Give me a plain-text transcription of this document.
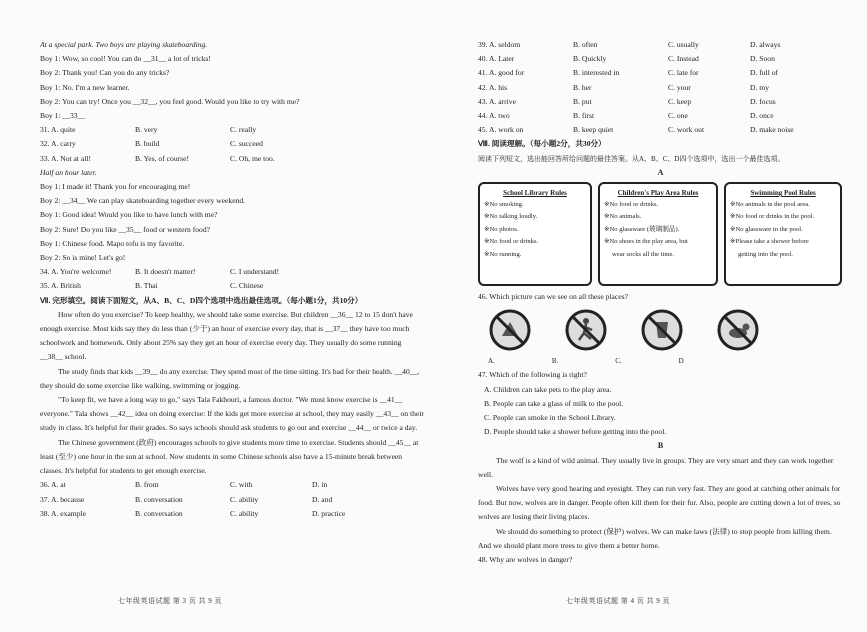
At a special park. Two boys are playing skateboarding.
Boy 1: Wow, so cool! You can do __31__ a lot of tricks!
Boy 2: Thank you! Can you do any tricks?
Boy 1: No. I'm a new learner.
Boy 2: You can try! Once you __32__, you feel good. Would you like to try with me?
Boy 1: __33__
31. A. quite	B. very	C. really
32. A. carry	B. build	C. succeed
33. A. Not at all!	B. Yes, of course!	C. Oh, me too.
Half an hour later.
Boy 1: I made it! Thank you for encouraging me!
Boy 2: __34__ We can play skateboarding together every weekend.
Boy 1: Good idea! Would you like to have lunch with me?
Boy 2: Sure! Do you like __35__ food or western food?
Boy 1: Chinese food. Mapo tofu is my favorite.
Boy 2: So is mine! Let's go!
34. A. You're welcome!	B. It doesn't matter!	C. I understand!
35. A. British	B. Thai	C. Chinese
Ⅶ. 完形填空。阅读下面短文，从A、B、C、D四个选项中选出最佳选项。（每小题1分，共10分）
How often do you exercise? To keep healthy, we should take some exercise. But children __36__ 12 to 15 don't have enough exercise. Most kids say they do less than (少于) an hour of exercise every day, that is __37__ they have too much schoolwork and homework. Only about 25% say they get an hour of exercise every day. They usually do some running __38__ school.
The study finds that kids __39__ do any exercise. They spend most of the time sitting. It's bad for their health. __40__, they should do some exercise like walking, swimming or jogging.
"To keep fit, we have a long way to go," says Tala Fakhouri, a famous doctor. "We must know exercise is __41__ everyone." Tala shows __42__ idea on doing exercise: If the kids get more exercise at school, they may easily __43__ on their study in class. It's helpful for their grades. So says schools should ask students to go out and exercise __44__ or twice a day.
The Chinese government (政府) encourages schools to give students more time to exercise. Students should __45__ at least (至少) one hour in the sun at school. Now students in some Chinese schools also have a 15-minute break between classes. It's helpful for students to get enough exercise.
36. A. at	B. from	C. with	D. in
37. A. because	B. conversation	C. ability	D. and
38. A. example	B. conversation	C. ability	D. practice
七年级英语试题 第 3 页 共 9 页
39. A. seldom	B. often	C. usually	D. always
40. A. Later	B. Quickly	C. Instead	D. Soon
41. A. good for	B. interested in	C. late for	D. full of
42. A. his	B. her	C. your	D. my
43. A. arrive	B. put	C. keep	D. focus
44. A. two	B. first	C. one	D. once
45. A. work on	B. keep quiet	C. work out	D. make noise
Ⅷ. 阅读理解。（每小题2分，共30分）
阅读下列短文，选出能回答所给问题的最佳答案。从A、B、C、D四个选项中，选出一个最佳选项。
A
School Library Rules
※No smoking.
※No talking loudly.
※No photos.
※No food or drinks.
※No running.
Children's Play Area Rules
※No food or drinks.
※No animals.
※No glassware (玻璃制品).
※No shoes in the play area, but
wear socks all the time.
Swimming Pool Rules
※No animals in the pool area.
※No food or drinks in the pool.
※No glassware in the pool.
※Please take a shower before
getting into the pool.
46. Which picture can we see on all these places?
A.	B.	C.	D
47. Which of the following is right?
A. Children can take pets to the play area.
B. People can take a glass of milk to the pool.
C. People can smoke in the School Library.
D. People should take a shower before getting into the pool.
B
The wolf is a kind of wild animal. They usually live in groups. They are very smart and they can work together well.
Wolves have very good hearing and eyesight. They can run very fast. They are good at catching other animals for food. But now, wolves are in danger. People often kill them for their fur. Also, people are cutting down a lot of trees, so wolves are losing their living places.
We should do something to protect (保护) wolves. We can make laws (法律) to stop people from killing them. And we should plant more trees to give them a better home.
48. Why are wolves in danger?
七年级英语试题 第 4 页 共 9 页
